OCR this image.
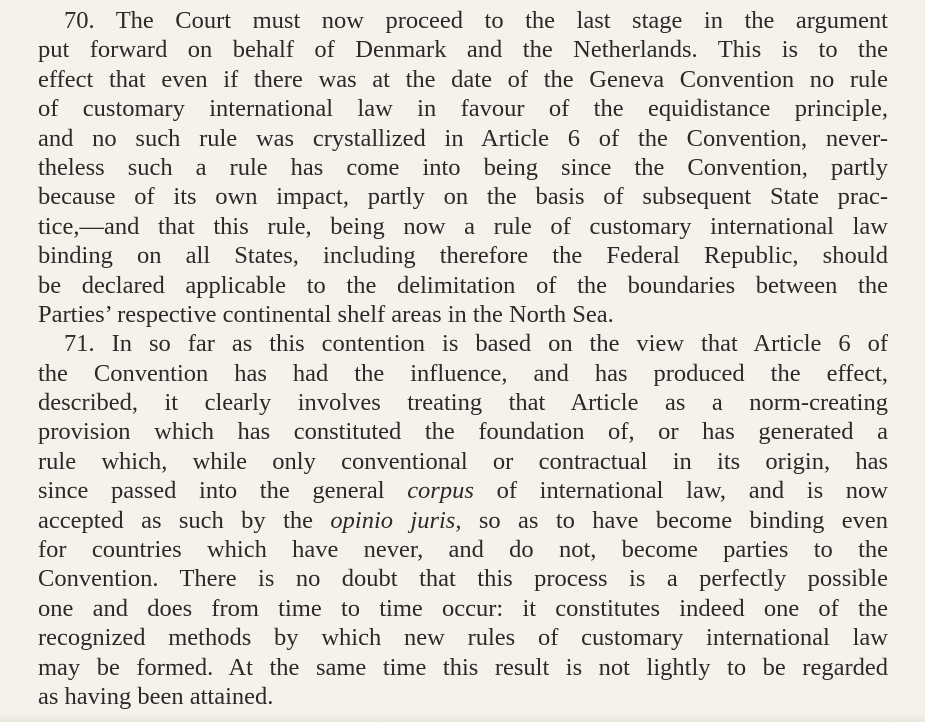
70. The Court must now proceed to the last stage in the argument
put forward on behalf of Denmark and the Netherlands. This is to the
effect that even if there was at the date of the Geneva Convention no rule
of customary international law in favour of the equidistance principle,
and no such rule was crystallized in Article 6 of the Convention, never-
theless such a rule has come into being since the Convention, partly
because of its own impact, partly on the basis of subsequent State prac-
tice,—and that this rule, being now a rule of customary international law
binding on all States, including therefore the Federal Republic, should
be declared applicable to the delimitation of the boundaries between the
Parties’ respective continental shelf areas in the North Sea.
71. In so far as this contention is based on the view that Article 6 of
the Convention has had the influence, and has produced the effect,
described, it clearly involves treating that Article as a norm-creating
provision which has constituted the foundation of, or has generated a
rule which, while only conventional or contractual in its origin, has
since passed into the general corpus of international law, and is now
accepted as such by the opinio juris, so as to have become binding even
for countries which have never, and do not, become parties to the
Convention. There is no doubt that this process is a perfectly possible
one and does from time to time occur: it constitutes indeed one of the
recognized methods by which new rules of customary international law
may be formed. At the same time this result is not lightly to be regarded
as having been attained.
